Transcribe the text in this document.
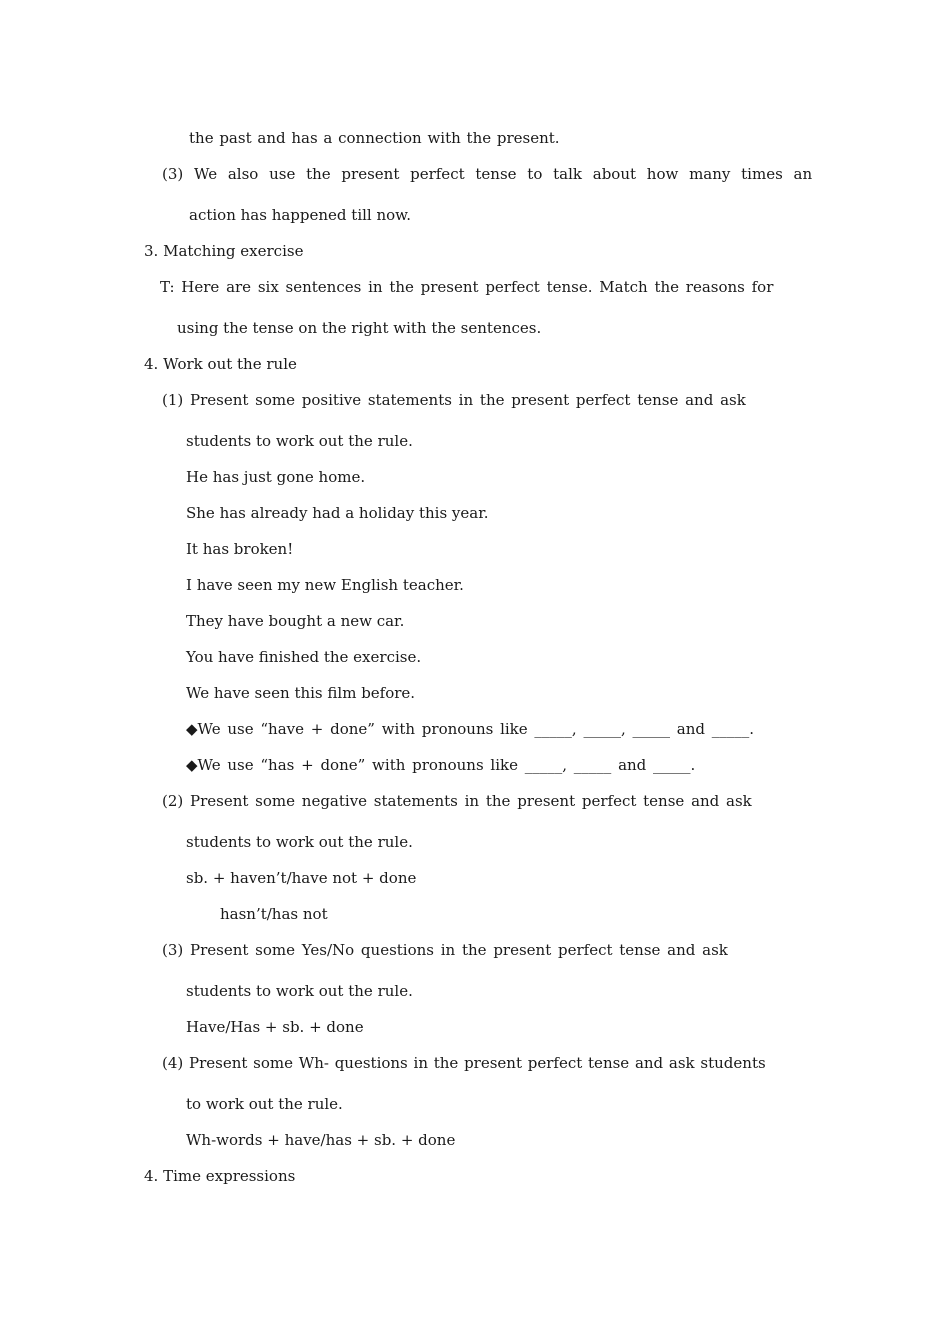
the past and has a connection with the present.

(3) We also use the present perfect tense to talk about how many times an

action has happened till now.

3. Matching exercise

T: Here are six sentences in the present perfect tense. Match the reasons for

using the tense on the right with the sentences.

4. Work out the rule

(1) Present some positive statements in the present perfect tense and ask

students to work out the rule.

He has just gone home.

She has already had a holiday this year.

It has broken!

I have seen my new English teacher.

They have bought a new car.

You have finished the exercise.

We have seen this film before.

◆We use “have + done” with pronouns like _____, _____, _____ and _____.

◆We use “has + done” with pronouns like _____, _____ and _____.

(2) Present some negative statements in the present perfect tense and ask

students to work out the rule.

sb. + haven’t/have not + done

hasn’t/has not

(3) Present some Yes/No questions in the present perfect tense and ask

students to work out the rule.

Have/Has + sb. + done

(4) Present some Wh- questions in the present perfect tense and ask students

to work out the rule.

Wh-words + have/has + sb. + done

4. Time expressions
